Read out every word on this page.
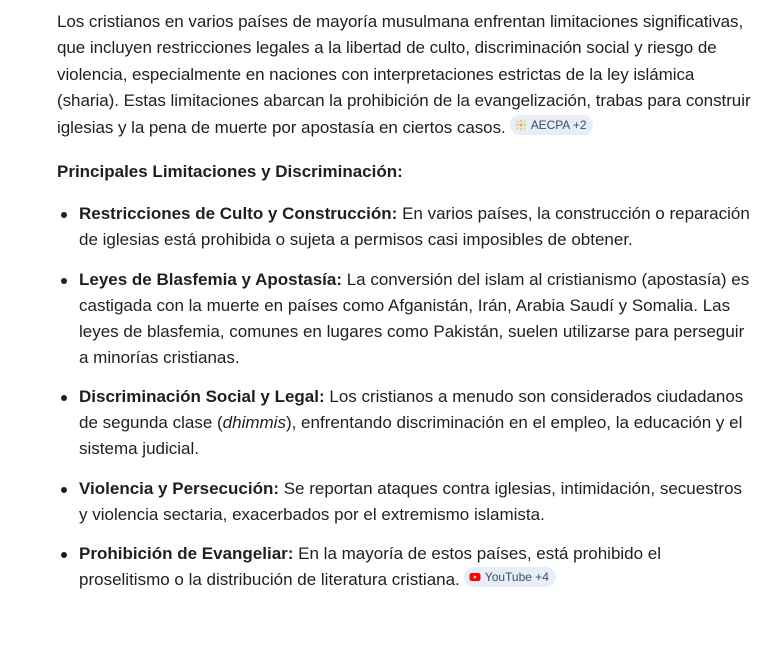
Los cristianos en varios países de mayoría musulmana enfrentan limitaciones significativas, que incluyen restricciones legales a la libertad de culto, discriminación social y riesgo de violencia, especialmente en naciones con interpretaciones estrictas de la ley islámica (sharia). Estas limitaciones abarcan la prohibición de la evangelización, trabas para construir iglesias y la pena de muerte por apostasía en ciertos casos. AECPA +2

Principales Limitaciones y Discriminación:
Restricciones de Culto y Construcción: En varios países, la construcción o reparación de iglesias está prohibida o sujeta a permisos casi imposibles de obtener.
Leyes de Blasfemia y Apostasía: La conversión del islam al cristianismo (apostasía) es castigada con la muerte en países como Afganistán, Irán, Arabia Saudí y Somalia. Las leyes de blasfemia, comunes en lugares como Pakistán, suelen utilizarse para perseguir a minorías cristianas.
Discriminación Social y Legal: Los cristianos a menudo son considerados ciudadanos de segunda clase (dhimmis), enfrentando discriminación en el empleo, la educación y el sistema judicial.
Violencia y Persecución: Se reportan ataques contra iglesias, intimidación, secuestros y violencia sectaria, exacerbados por el extremismo islamista.
Prohibición de Evangeliar: En la mayoría de estos países, está prohibido el proselitismo o la distribución de literatura cristiana. YouTube +4
